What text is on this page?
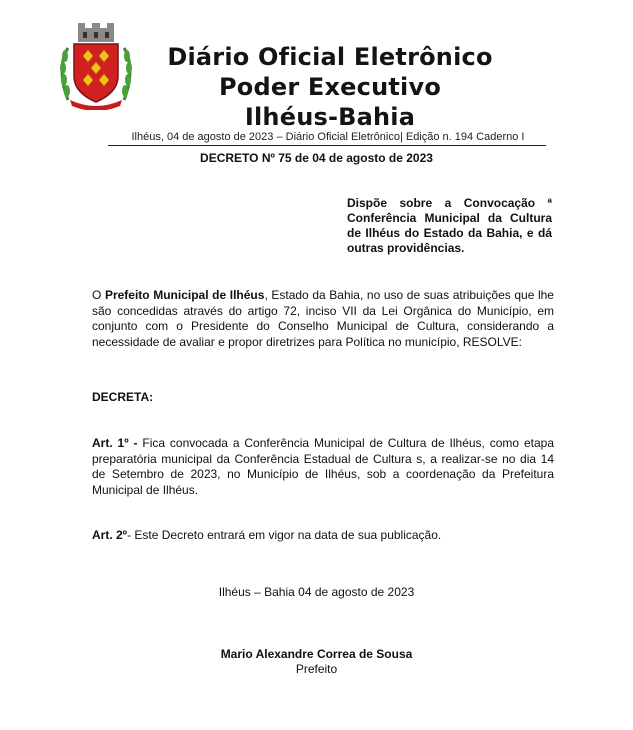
Diário Oficial Eletrônico
Poder Executivo
Ilhéus-Bahia
Ilhéus, 04 de agosto de 2023 – Diário Oficial Eletrônico| Edição n. 194 Caderno I
DECRETO Nº 75 de 04 de agosto de 2023
Dispõe sobre a Convocação ª Conferência Municipal da Cultura de Ilhéus do Estado da Bahia, e dá outras providências.
O Prefeito Municipal de Ilhéus, Estado da Bahia, no uso de suas atribuições que lhe são concedidas através do artigo 72, inciso VII da Lei Orgânica do Município, em conjunto com o Presidente do Conselho Municipal de Cultura, considerando a necessidade de avaliar e propor diretrizes para Política no município, RESOLVE:
DECRETA:
Art. 1º - Fica convocada a Conferência Municipal de Cultura de Ilhéus, como etapa preparatória municipal da Conferência Estadual de Cultura s, a realizar-se no dia 14 de Setembro de 2023, no Município de Ilhéus, sob a coordenação da Prefeitura Municipal de Ilhéus.
Art. 2º- Este Decreto entrará em vigor na data de sua publicação.
Ilhéus – Bahia 04 de agosto de 2023
Mario Alexandre Correa de Sousa
Prefeito
